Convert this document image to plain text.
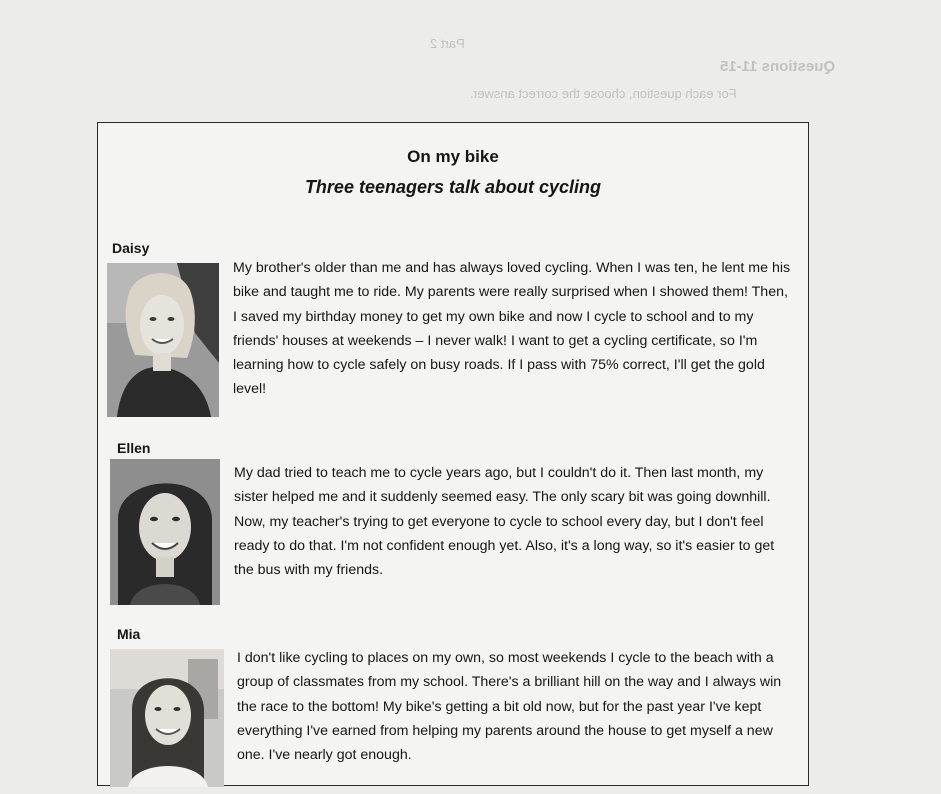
Part 2
Questions 11-15
For each question, choose the correct answer.
On my bike
Three teenagers talk about cycling

Daisy

My brother's older than me and has always loved cycling. When I was ten, he lent me his bike and taught me to ride. My parents were really surprised when I showed them! Then, I saved my birthday money to get my own bike and now I cycle to school and to my friends' houses at weekends – I never walk! I want to get a cycling certificate, so I'm learning how to cycle safely on busy roads. If I pass with 75% correct, I'll get the gold level!

Ellen

My dad tried to teach me to cycle years ago, but I couldn't do it. Then last month, my sister helped me and it suddenly seemed easy. The only scary bit was going downhill. Now, my teacher's trying to get everyone to cycle to school every day, but I don't feel ready to do that. I'm not confident enough yet. Also, it's a long way, so it's easier to get the bus with my friends.

Mia

I don't like cycling to places on my own, so most weekends I cycle to the beach with a group of classmates from my school. There's a brilliant hill on the way and I always win the race to the bottom! My bike's getting a bit old now, but for the past year I've kept everything I've earned from helping my parents around the house to get myself a new one. I've nearly got enough.
